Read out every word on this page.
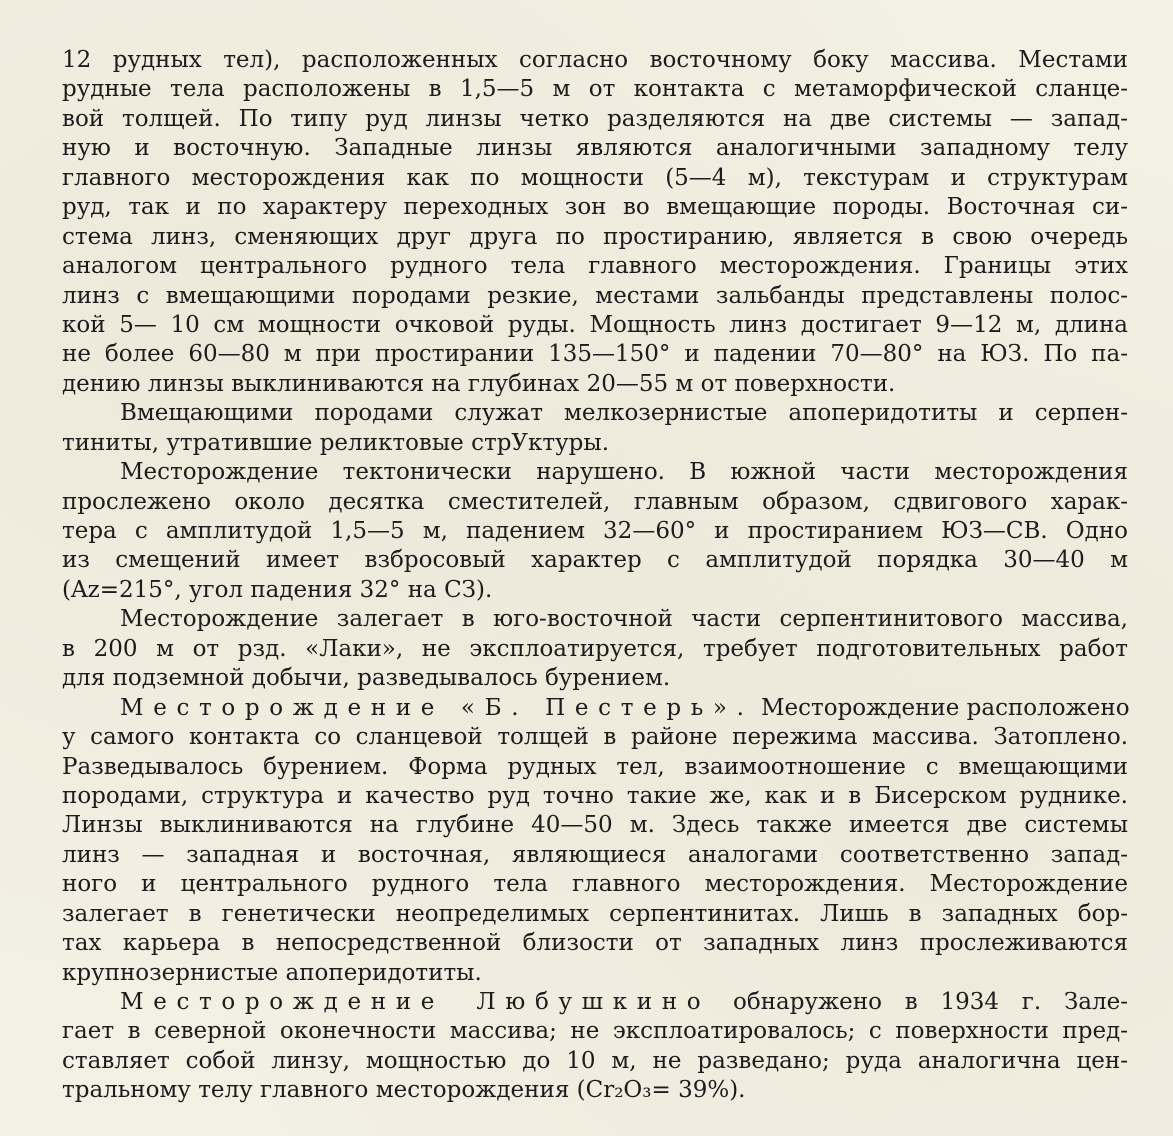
12 рудных тел), расположенных согласно восточному боку массива. Местами
рудные тела расположены в 1,5—5 м от контакта с метаморфической сланце-
вой толщей. По типу руд линзы четко разделяются на две системы — запад-
ную и восточную. Западные линзы являются аналогичными западному телу
главного месторождения как по мощности (5—4 м), текстурам и структурам
руд, так и по характеру переходных зон во вмещающие породы. Восточная си-
стема линз, сменяющих друг друга по простиранию, является в свою очередь
аналогом центрального рудного тела главного месторождения. Границы этих
линз с вмещающими породами резкие, местами зальбанды представлены полос-
кой 5— 10 см мощности очковой руды. Мощность линз достигает 9—12 м, длина
не более 60—80 м при простирании 135—150° и падении 70—80° на ЮЗ. По па-
дению линзы выклиниваются на глубинах 20—55 м от поверхности.
Вмещающими породами служат мелкозернистые апоперидотиты и серпен-
тиниты, утратившие реликтовые стрУктуры.
Месторождение тектонически нарушено. В южной части месторождения
прослежено около десятка сместителей, главным образом, сдвигового харак-
тера с амплитудой 1,5—5 м, падением 32—60° и простиранием ЮЗ—СВ. Одно
из смещений имеет взбросовый характер с амплитудой порядка 30—40 м
(Az=215°, угол падения 32° на СЗ).
Месторождение залегает в юго-восточной части серпентинитового массива,
в 200 м от рзд. «Лаки», не эксплоатируется, требует подготовительных работ
для подземной добычи, разведывалось бурением.
Месторождение «Б. Пестерь». Месторождение расположено
у самого контакта со сланцевой толщей в районе пережима массива. Затоплено.
Разведывалось бурением. Форма рудных тел, взаимоотношение с вмещающими
породами, структура и качество руд точно такие же, как и в Бисерском руднике.
Линзы выклиниваются на глубине 40—50 м. Здесь также имеется две системы
линз — западная и восточная, являющиеся аналогами соответственно запад-
ного и центрального рудного тела главного месторождения. Месторождение
залегает в генетически неопределимых серпентинитах. Лишь в западных бор-
тах карьера в непосредственной близости от западных линз прослеживаются
крупнозернистые апоперидотиты.
Месторождение Любушкино обнаружено в 1934 г. Зале-
гает в северной оконечности массива; не эксплоатировалось; с поверхности пред-
ставляет собой линзу, мощностью до 10 м, не разведано; руда аналогична цен-
тральному телу главного месторождения (Cr₂O₃= 39%).
